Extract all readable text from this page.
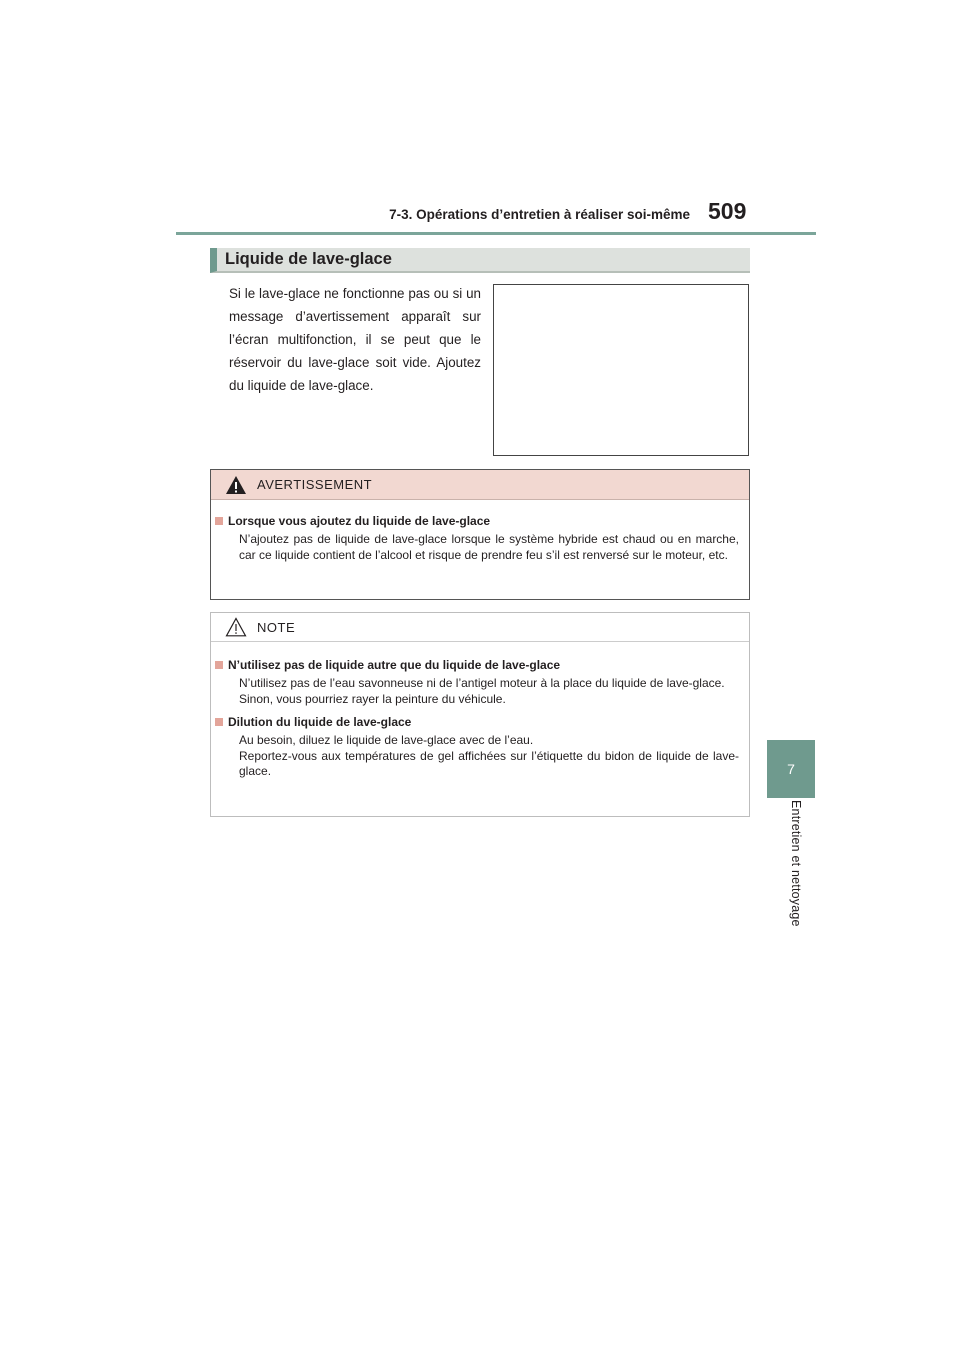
7-3. Opérations d’entretien à réaliser soi-même 509
7
Entretien et nettoyage
Liquide de lave-glace
Si le lave-glace ne fonctionne pas ou si un message d’avertissement apparaît sur l’écran multifonction, il se peut que le réservoir du lave-glace soit vide. Ajoutez du liquide de lave-glace.
AVERTISSEMENT
Lorsque vous ajoutez du liquide de lave-glace
N’ajoutez pas de liquide de lave-glace lorsque le système hybride est chaud ou en marche, car ce liquide contient de l’alcool et risque de prendre feu s’il est renversé sur le moteur, etc.
NOTE
N’utilisez pas de liquide autre que du liquide de lave-glace
N’utilisez pas de l’eau savonneuse ni de l’antigel moteur à la place du liquide de lave-glace.
Sinon, vous pourriez rayer la peinture du véhicule.
Dilution du liquide de lave-glace
Au besoin, diluez le liquide de lave-glace avec de l’eau.
Reportez-vous aux températures de gel affichées sur l’étiquette du bidon de liquide de lave-glace.
